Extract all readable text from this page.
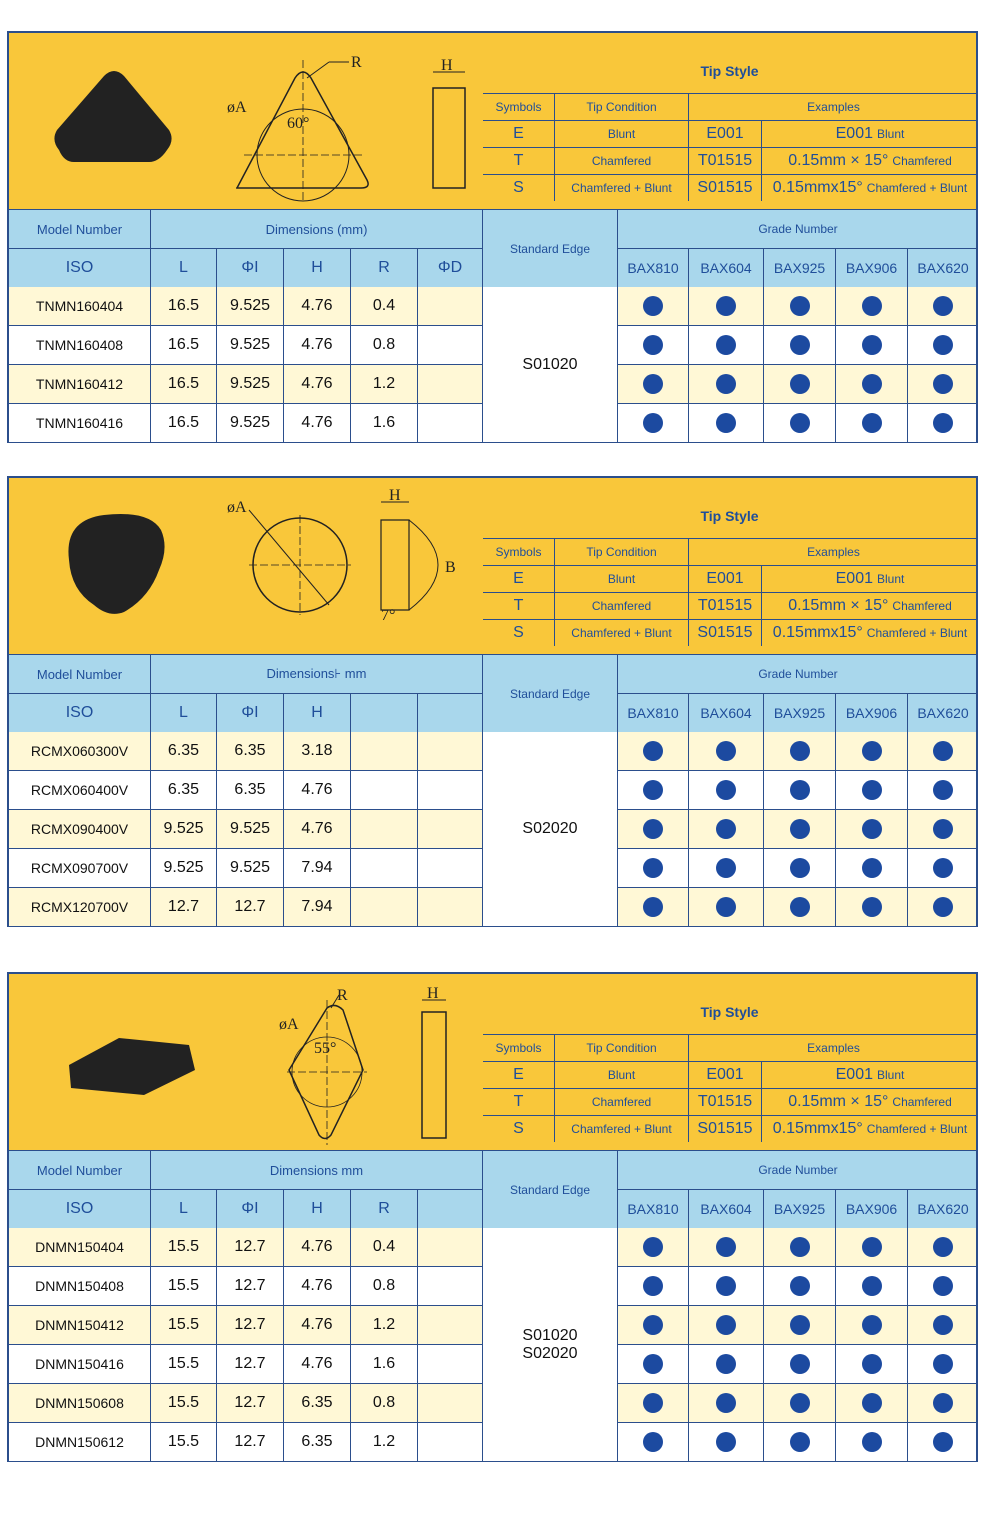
R
øA
60°
H	Tip Style
Symbols	Tip Condition	Examples
E	Blunt	E001	E001 Blunt
T	Chamfered	T01515	0.15mm × 15° Chamfered
S	Chamfered + Blunt	S01515	0.15mmx15° Chamfered + Blunt
Model Number	Dimensions (mm)
ISO	L	ΦI	H	R	ΦD
Standard Edge
Grade Number
BAX810	BAX604	BAX925	BAX906	BAX620
TNMN160404	16.5	9.525	4.76	0.4
TNMN160408	16.5	9.525	4.76	0.8
TNMN160412	16.5	9.525	4.76	1.2
TNMN160416	16.5	9.525	4.76	1.6
S01020
øA
H
B
7°
Tip Style
Symbols	Tip Condition	Examples
E	Blunt	E001	E001 Blunt
T	Chamfered	T01515	0.15mm × 15° Chamfered
S	Chamfered + Blunt	S01515	0.15mmx15° Chamfered + Blunt
Model Number	Dimensions⊦ mm
ISO	L	ΦI	H
Standard Edge
Grade Number
BAX810	BAX604	BAX925	BAX906	BAX620
RCMX060300V	6.35	6.35	3.18
RCMX060400V	6.35	6.35	4.76
RCMX090400V	9.525	9.525	4.76
RCMX090700V	9.525	9.525	7.94
RCMX120700V	12.7	12.7	7.94
S02020
R
øA
55°
H
Tip Style
Symbols	Tip Condition	Examples
E	Blunt	E001	E001 Blunt
T	Chamfered	T01515	0.15mm × 15° Chamfered
S	Chamfered + Blunt	S01515	0.15mmx15° Chamfered + Blunt
Model Number	Dimensions mm
ISO	L	ΦI	H	R
Standard Edge
Grade Number
BAX810	BAX604	BAX925	BAX906	BAX620
DNMN150404	15.5	12.7	4.76	0.4
DNMN150408	15.5	12.7	4.76	0.8
DNMN150412	15.5	12.7	4.76	1.2
DNMN150416	15.5	12.7	4.76	1.6
DNMN150608	15.5	12.7	6.35	0.8
DNMN150612	15.5	12.7	6.35	1.2
S01020
S02020
